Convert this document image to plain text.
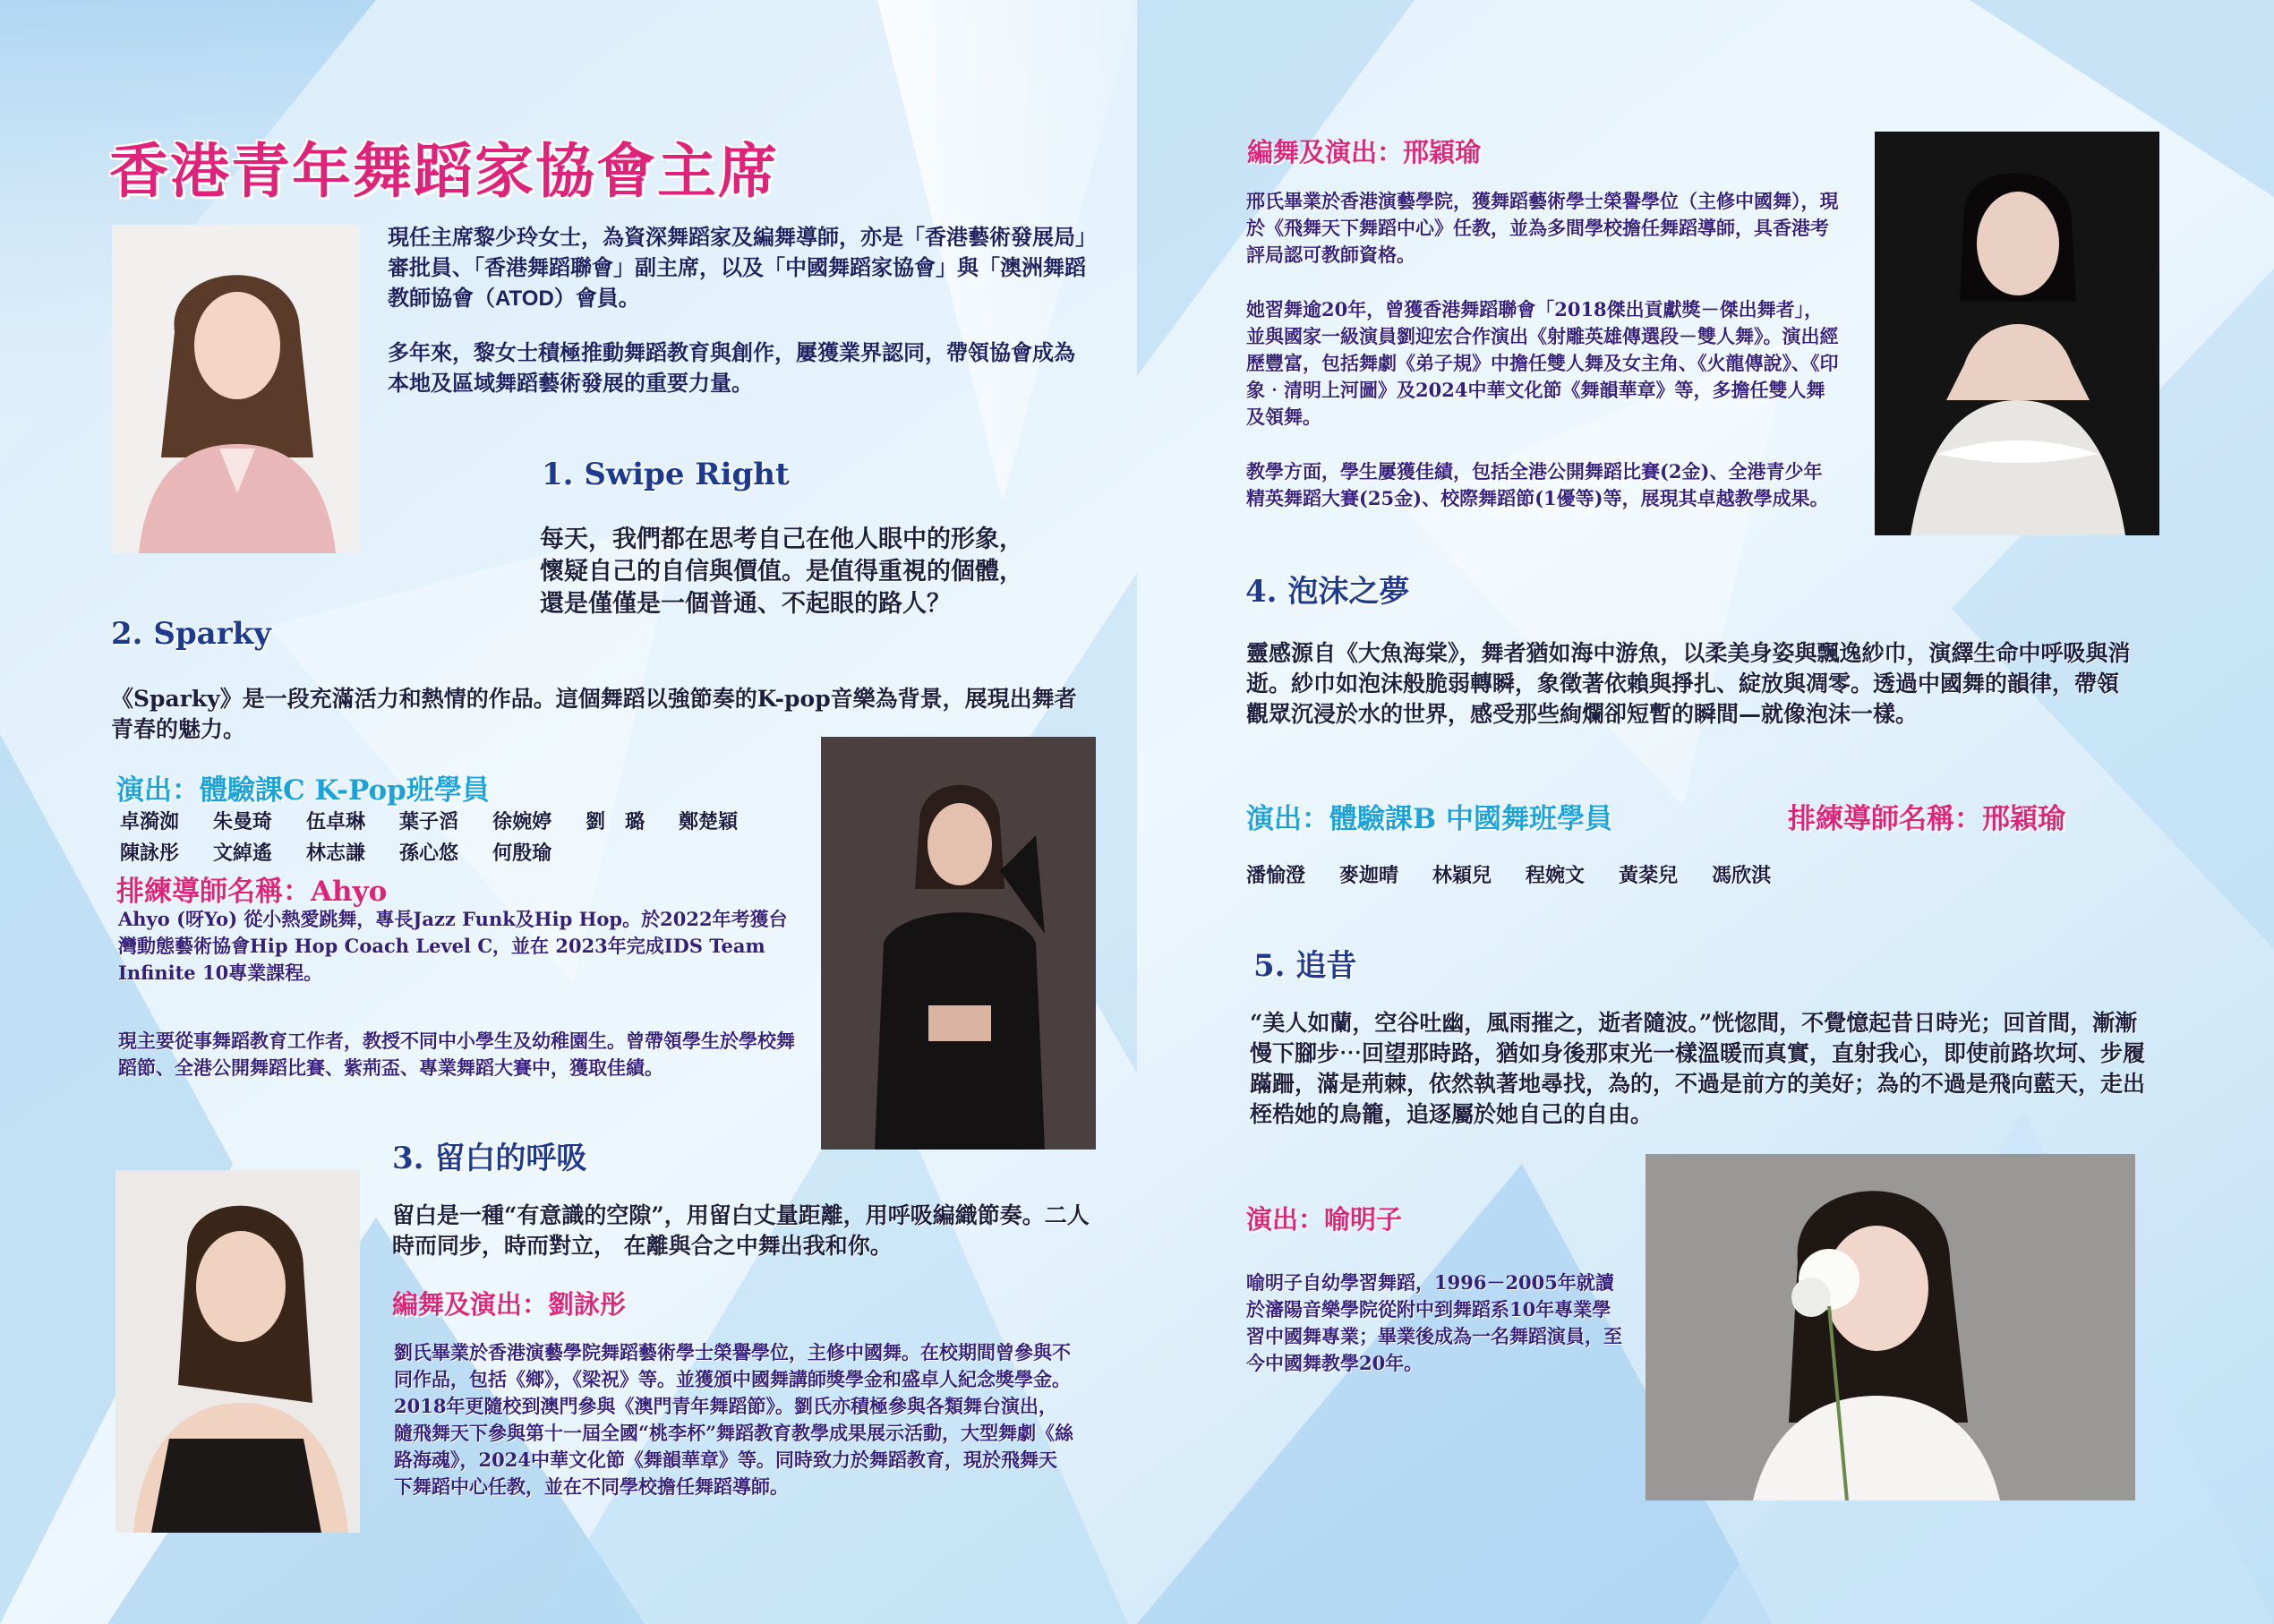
香港青年舞蹈家協會主席
現任主席黎少玲女士，為資深舞蹈家及編舞導師，亦是「香港藝術發展局」審批員、「香港舞蹈聯會」副主席，以及「中國舞蹈家協會」與「澳洲舞蹈教師協會（ATOD）會員。
多年來，黎女士積極推動舞蹈教育與創作，屢獲業界認同，帶領協會成為本地及區域舞蹈藝術發展的重要力量。
1. Swipe Right
每天，我們都在思考自己在他人眼中的形象，
懷疑自己的自信與價值。是值得重視的個體，
還是僅僅是一個普通、不起眼的路人？
2. Sparky
《Sparky》是一段充滿活力和熱情的作品。這個舞蹈以強節奏的K-pop音樂為背景，展現出舞者青春的魅力。
演出：體驗課C K-Pop班學員
卓漪洳 朱曼琦 伍卓琳 葉子滔 徐婉婷 劉　璐 鄭楚穎
陳詠彤 文綽遙 林志謙 孫心悠 何殷瑜
排練導師名稱：Ahyo
Ahyo (呀Yo) 從小熱愛跳舞，專長Jazz Funk及Hip Hop。於2022年考獲台灣動態藝術協會Hip Hop Coach Level C，並在 2023年完成IDS Team Infinite 10專業課程。
現主要從事舞蹈教育工作者，教授不同中小學生及幼稚園生。曾帶領學生於學校舞蹈節、全港公開舞蹈比賽、紫荊盃、專業舞蹈大賽中，獲取佳績。
3. 留白的呼吸
留白是一種“有意識的空隙”，用留白丈量距離，用呼吸編織節奏。二人時而同步，時而對立， 在離與合之中舞出我和你。
編舞及演出：劉詠彤
劉氏畢業於香港演藝學院舞蹈藝術學士榮譽學位，主修中國舞。在校期間曾參與不同作品，包括《鄉》，《梁祝》等。並獲頒中國舞講師獎學金和盛卓人紀念獎學金。2018年更隨校到澳門參與《澳門青年舞蹈節》。劉氏亦積極參與各類舞台演出，隨飛舞天下參與第十一屆全國“桃李杯”舞蹈教育教學成果展示活動，大型舞劇《絲路海魂》，2024中華文化節《舞韻華章》等。同時致力於舞蹈教育，現於飛舞天下舞蹈中心任教，並在不同學校擔任舞蹈導師。
編舞及演出：邢穎瑜
邢氏畢業於香港演藝學院，獲舞蹈藝術學士榮譽學位（主修中國舞），現於《飛舞天下舞蹈中心》任教，並為多間學校擔任舞蹈導師，具香港考評局認可教師資格。
她習舞逾20年，曾獲香港舞蹈聯會「2018傑出貢獻獎－傑出舞者」，並與國家一級演員劉迎宏合作演出《射雕英雄傳選段－雙人舞》。演出經歷豐富，包括舞劇《弟子規》中擔任雙人舞及女主角、《火龍傳說》、《印象‧清明上河圖》及2024中華文化節《舞韻華章》等，多擔任雙人舞及領舞。
教學方面，學生屢獲佳績，包括全港公開舞蹈比賽(2金)、全港青少年精英舞蹈大賽(25金)、校際舞蹈節(1優等)等，展現其卓越教學成果。
4. 泡沫之夢
靈感源自《大魚海棠》，舞者猶如海中游魚，以柔美身姿與飄逸紗巾，演繹生命中呼吸與消逝。紗巾如泡沫般脆弱轉瞬，象徵著依賴與掙扎、綻放與凋零。透過中國舞的韻律，帶領觀眾沉浸於水的世界，感受那些絢爛卻短暫的瞬間—就像泡沫一樣。
演出：體驗課B 中國舞班學員	排練導師名稱：邢穎瑜
潘愉澄 麥迦晴 林穎兒 程婉文 黃棻兒 馮欣淇
5. 追昔
“美人如蘭，空谷吐幽，風雨摧之，逝者隨波。”恍惚間，不覺憶起昔日時光；回首間，漸漸慢下腳步⋯回望那時路，猶如身後那束光一樣溫暖而真實，直射我心，即使前路坎坷、步履蹣跚，滿是荊棘，依然執著地尋找，為的，不過是前方的美好；為的不過是飛向藍天，走出桎梏她的鳥籠，追逐屬於她自己的自由。
演出：喻明子
喻明子自幼學習舞蹈，1996－2005年就讀於瀋陽音樂學院從附中到舞蹈系10年專業學習中國舞專業；畢業後成為一名舞蹈演員，至今中國舞教學20年。
